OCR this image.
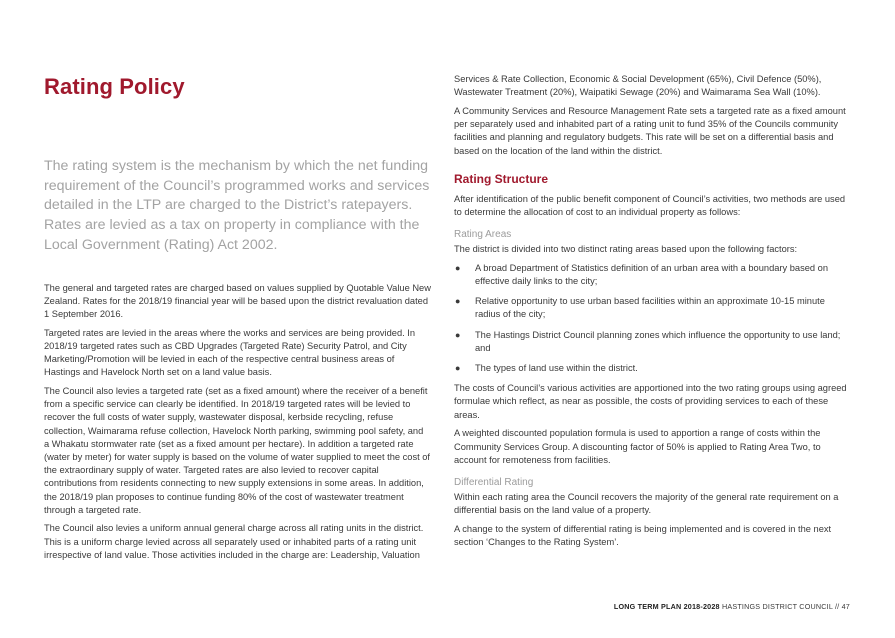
Rating Policy
The rating system is the mechanism by which the net funding requirement of the Council’s programmed works and services detailed in the LTP are charged to the District’s ratepayers. Rates are levied as a tax on property in compliance with the Local Government (Rating) Act 2002.

The general and targeted rates are charged based on values supplied by Quotable Value New Zealand. Rates for the 2018/19 financial year will be based upon the district revaluation dated 1 September 2016.

Targeted rates are levied in the areas where the works and services are being provided. In 2018/19 targeted rates such as CBD Upgrades (Targeted Rate) Security Patrol, and City Marketing/Promotion will be levied in each of the respective central business areas of Hastings and Havelock North set on a land value basis.

The Council also levies a targeted rate (set as a fixed amount) where the receiver of a benefit from a specific service can clearly be identified. In 2018/19 targeted rates will be levied to recover the full costs of water supply, wastewater disposal, kerbside recycling, refuse collection, Waimarama refuse collection, Havelock North parking, swimming pool safety, and a Whakatu stormwater rate (set as a fixed amount per hectare). In addition a targeted rate (water by meter) for water supply is based on the volume of water supplied to meet the cost of the extraordinary supply of water. Targeted rates are also levied to recover capital contributions from residents connecting to new supply extensions in some areas. In addition, the 2018/19 plan proposes to continue funding 80% of the cost of wastewater treatment through a targeted rate.

The Council also levies a uniform annual general charge across all rating units in the district. This is a uniform charge levied across all separately used or inhabited parts of a rating unit irrespective of land value. Those activities included in the charge are: Leadership, Valuation

Services & Rate Collection, Economic & Social Development (65%), Civil Defence (50%), Wastewater Treatment (20%), Waipatiki Sewage (20%) and Waimarama Sea Wall (10%).

A Community Services and Resource Management Rate sets a targeted rate as a fixed amount per separately used and inhabited part of a rating unit to fund 35% of the Councils community facilities and planning and regulatory budgets. This rate will be set on a differential basis and based on the location of the land within the district.

Rating Structure

After identification of the public benefit component of Council’s activities, two methods are used to determine the allocation of cost to an individual property as follows:

Rating Areas

The district is divided into two distinct rating areas based upon the following factors:

● A broad Department of Statistics definition of an urban area with a boundary based on effective daily links to the city;
● Relative opportunity to use urban based facilities within an approximate 10-15 minute radius of the city;
● The Hastings District Council planning zones which influence the opportunity to use land; and
● The types of land use within the district.

The costs of Council’s various activities are apportioned into the two rating groups using agreed formulae which reflect, as near as possible, the costs of providing services to each of these areas.

A weighted discounted population formula is used to apportion a range of costs within the Community Services Group. A discounting factor of 50% is applied to Rating Area Two, to account for remoteness from facilities.

Differential Rating

Within each rating area the Council recovers the majority of the general rate requirement on a differential basis on the land value of a property.

A change to the system of differential rating is being implemented and is covered in the next section ‘Changes to the Rating System’.

LONG TERM PLAN 2018-2028 HASTINGS DISTRICT COUNCIL // 47
